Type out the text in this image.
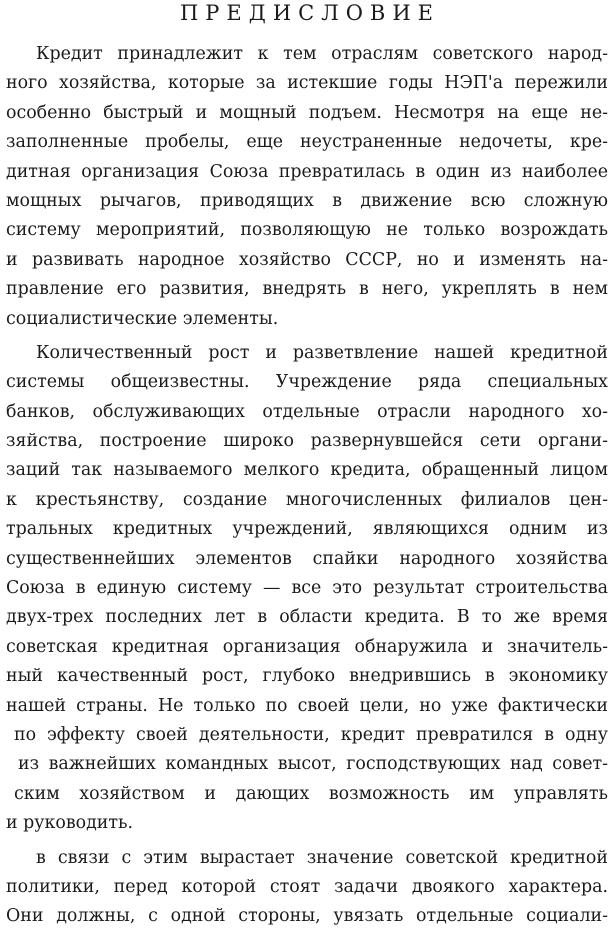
ПРЕДИСЛОВИЕ
Кредит принадлежит к тем отраслям советского народ-
ного хозяйства, которые за истекшие годы НЭП'а пережили
особенно быстрый и мощный подъем. Несмотря на еще не-
заполненные пробелы, еще неустраненные недочеты, кре-
дитная организация Союза превратилась в один из наиболее
мощных рычагов, приводящих в движение всю сложную
систему мероприятий, позволяющую не только возрождать
и развивать народное хозяйство СССР, но и изменять на-
правление его развития, внедрять в него, укреплять в нем
социалистические элементы.
Количественный рост и разветвление нашей кредитной
системы общеизвестны. Учреждение ряда специальных
банков, обслуживающих отдельные отрасли народного хо-
зяйства, построение широко развернувшейся сети органи-
заций так называемого мелкого кредита, обращенный лицом
к крестьянству, создание многочисленных филиалов цен-
тральных кредитных учреждений, являющихся одним из
существеннейших элементов спайки народного хозяйства
Союза в единую систему — все это результат строительства
двух-трех последних лет в области кредита. В то же время
советская кредитная организация обнаружила и значитель-
ный качественный рост, глубоко внедрившись в экономику
нашей страны. Не только по своей цели, но уже фактически
по эффекту своей деятельности, кредит превратился в одну
из важнейших командных высот, господствующих над совет-
ским хозяйством и дающих возможность им управлять
и руководить.
в связи с этим вырастает значение советской кредитной
политики, перед которой стоят задачи двоякого характера.
Они должны, с одной стороны, увязать отдельные социали-
